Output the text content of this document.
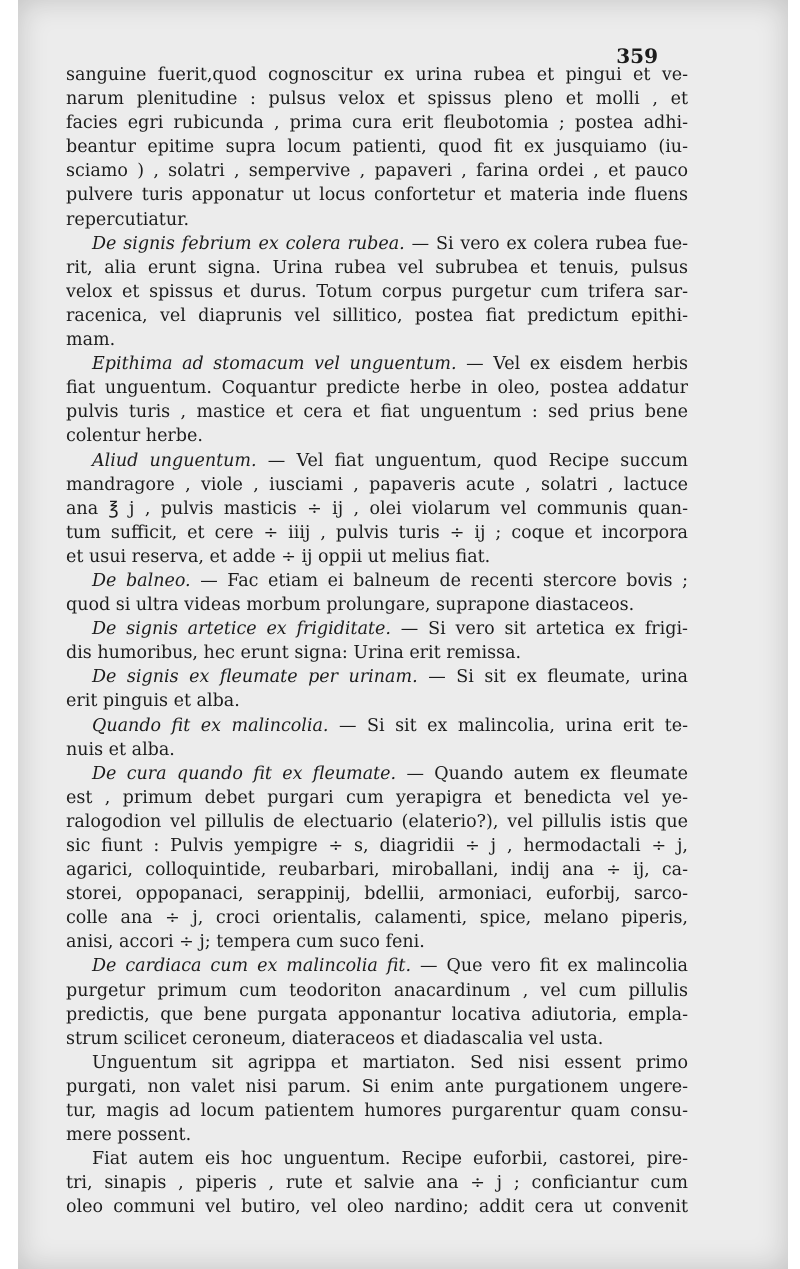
359
sanguine fuerit,quod cognoscitur ex urina rubea et pingui et ve-
narum plenitudine : pulsus velox et spissus pleno et molli , et
facies egri rubicunda , prima cura erit fleubotomia ; postea adhi-
beantur epitime supra locum patienti, quod fit ex jusquiamo (iu-
sciamo ) , solatri , sempervive , papaveri , farina ordei , et pauco
pulvere turis apponatur ut locus confortetur et materia inde fluens
repercutiatur.
De signis febrium ex colera rubea. — Si vero ex colera rubea fue-
rit, alia erunt signa. Urina rubea vel subrubea et tenuis, pulsus
velox et spissus et durus. Totum corpus purgetur cum trifera sar-
racenica, vel diaprunis vel sillitico, postea fiat predictum epithi-
mam.
Epithima ad stomacum vel unguentum. — Vel ex eisdem herbis
fiat unguentum. Coquantur predicte herbe in oleo, postea addatur
pulvis turis , mastice et cera et fiat unguentum : sed prius bene
colentur herbe.
Aliud unguentum. — Vel fiat unguentum, quod Recipe succum
mandragore , viole , iusciami , papaveris acute , solatri , lactuce
ana ℥ j , pulvis masticis ÷ ij , olei violarum vel communis quan-
tum sufficit, et cere ÷ iiij , pulvis turis ÷ ij ; coque et incorpora
et usui reserva, et adde ÷ ij oppii ut melius fiat.
De balneo. — Fac etiam ei balneum de recenti stercore bovis ;
quod si ultra videas morbum prolungare, suprapone diastaceos.
De signis artetice ex frigiditate. — Si vero sit artetica ex frigi-
dis humoribus, hec erunt signa: Urina erit remissa.
De signis ex fleumate per urinam. — Si sit ex fleumate, urina
erit pinguis et alba.
Quando fit ex malincolia. — Si sit ex malincolia, urina erit te-
nuis et alba.
De cura quando fit ex fleumate. — Quando autem ex fleumate
est , primum debet purgari cum yerapigra et benedicta vel ye-
ralogodion vel pillulis de electuario (elaterio?), vel pillulis istis que
sic fiunt : Pulvis yempigre ÷ s, diagridii ÷ j , hermodactali ÷ j,
agarici, colloquintide, reubarbari, miroballani, indij ana ÷ ij, ca-
storei, oppopanaci, serappinij, bdellii, armoniaci, euforbij, sarco-
colle ana ÷ j, croci orientalis, calamenti, spice, melano piperis,
anisi, accori ÷ j; tempera cum suco feni.
De cardiaca cum ex malincolia fit. — Que vero fit ex malincolia
purgetur primum cum teodoriton anacardinum , vel cum pillulis
predictis, que bene purgata apponantur locativa adiutoria, empla-
strum scilicet ceroneum, diateraceos et diadascalia vel usta.
Unguentum sit agrippa et martiaton. Sed nisi essent primo
purgati, non valet nisi parum. Si enim ante purgationem ungere-
tur, magis ad locum patientem humores purgarentur quam consu-
mere possent.
Fiat autem eis hoc unguentum. Recipe euforbii, castorei, pire-
tri, sinapis , piperis , rute et salvie ana ÷ j ; conficiantur cum
oleo communi vel butiro, vel oleo nardino; addit cera ut convenit
